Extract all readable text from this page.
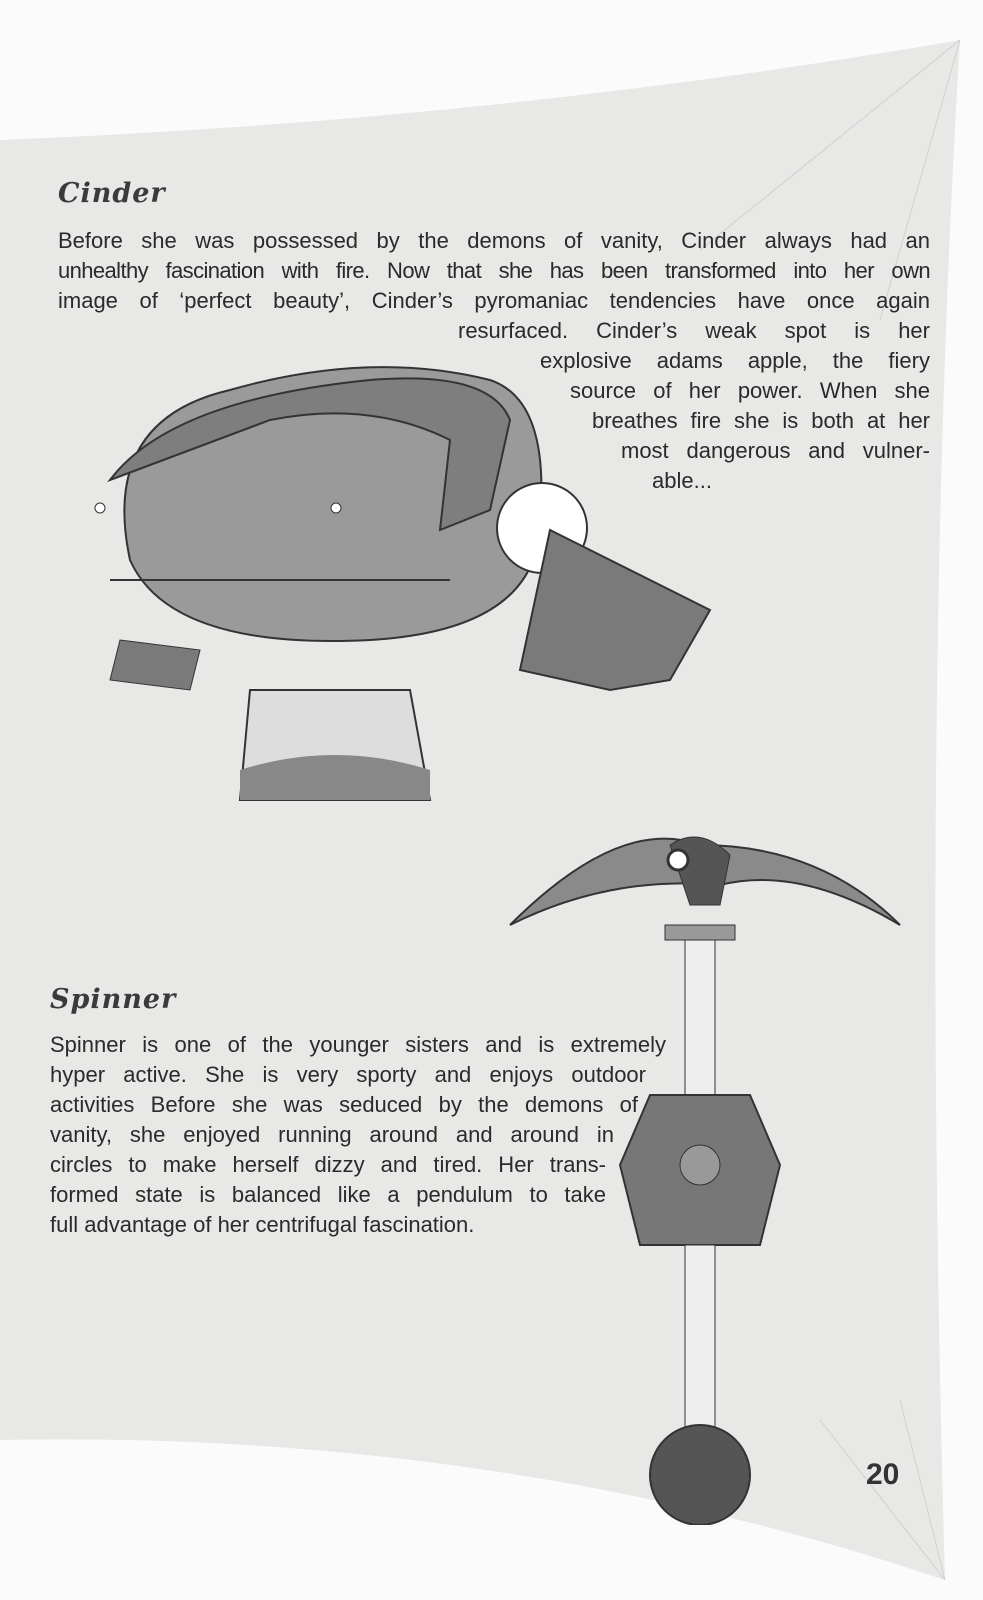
Cinder
Before she was possessed by the demons of vanity, Cinder always had an
unhealthy fascination with fire. Now that she has been transformed into her own
image of ‘perfect beauty’, Cinder’s pyromaniac tendencies have once again
resurfaced. Cinder’s weak spot is her
explosive adams apple, the fiery
source of her power. When she
breathes fire she is both at her
most dangerous and vulner-
able...
Spinner
Spinner is one of the younger sisters and is extremely
hyper active. She is very sporty and enjoys outdoor
activities Before she was seduced by the demons of
vanity, she enjoyed running around and around in
circles to make herself dizzy and tired. Her trans-
formed state is balanced like a pendulum to take
full advantage of her centrifugal fascination.
20
